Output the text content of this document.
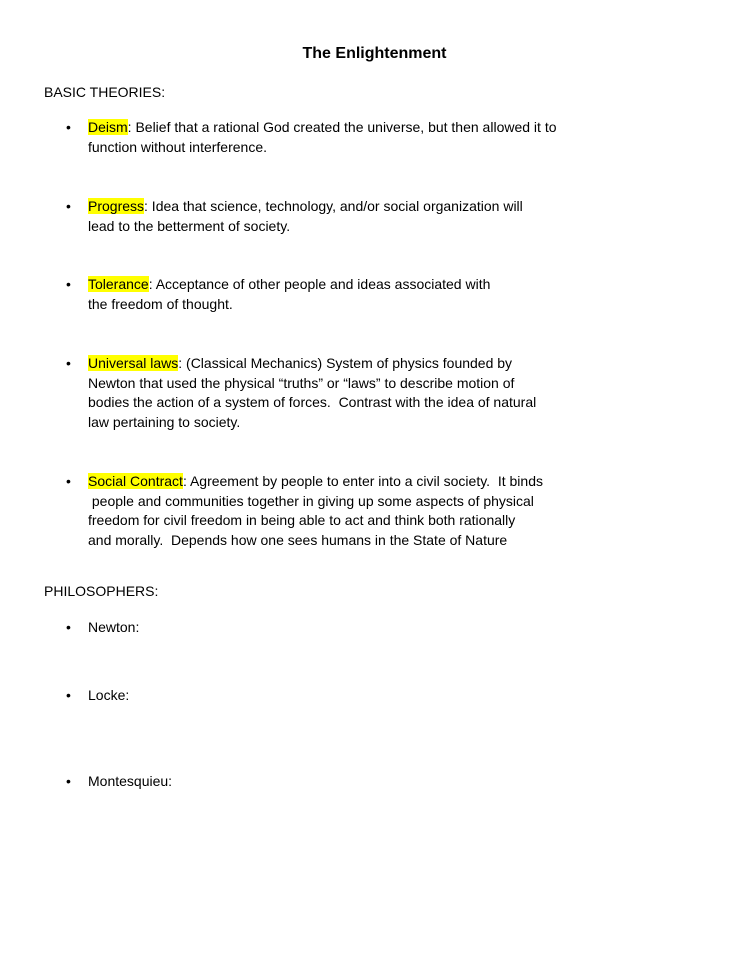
The Enlightenment
BASIC THEORIES:
•	Deism: Belief that a rational God created the universe, but then allowed it to
function without interference.
•	Progress: Idea that science, technology, and/or social organization will
lead to the betterment of society.
•	Tolerance: Acceptance of other people and ideas associated with
the freedom of thought.
•	Universal laws: (Classical Mechanics) System of physics founded by
Newton that used the physical “truths” or “laws” to describe motion of
bodies the action of a system of forces.  Contrast with the idea of natural
law pertaining to society.
•	Social Contract: Agreement by people to enter into a civil society.  It binds
people and communities together in giving up some aspects of physical
freedom for civil freedom in being able to act and think both rationally
and morally.  Depends how one sees humans in the State of Nature
PHILOSOPHERS:
•	Newton:
•	Locke:
•	Montesquieu:
